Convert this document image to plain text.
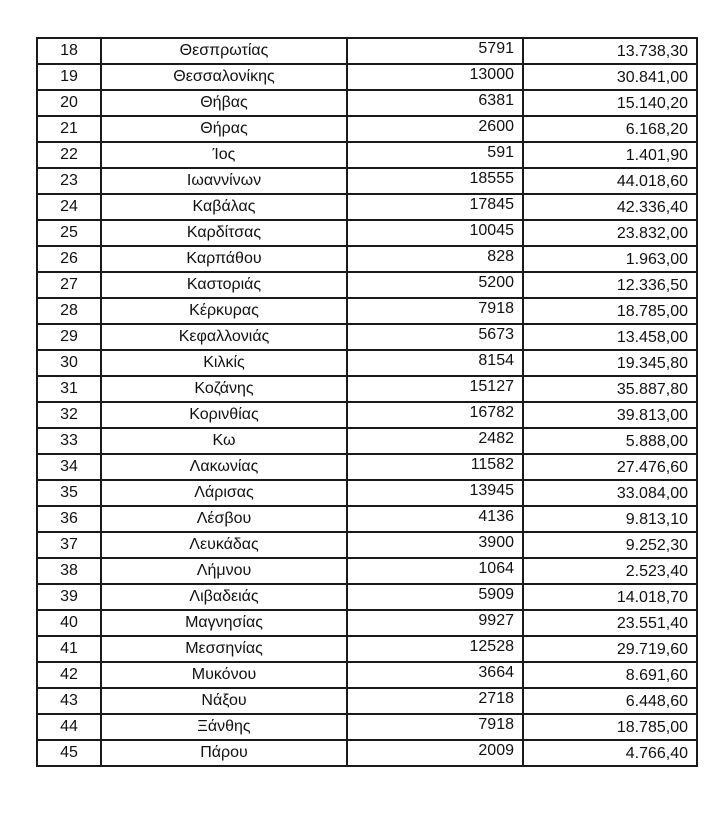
18	Θεσπρωτίας	5791	13.738,30
19	Θεσσαλονίκης	13000	30.841,00
20	Θήβας	6381	15.140,20
21	Θήρας	2600	6.168,20
22	Ίος	591	1.401,90
23	Ιωαννίνων	18555	44.018,60
24	Καβάλας	17845	42.336,40
25	Καρδίτσας	10045	23.832,00
26	Καρπάθου	828	1.963,00
27	Καστοριάς	5200	12.336,50
28	Κέρκυρας	7918	18.785,00
29	Κεφαλλονιάς	5673	13.458,00
30	Κιλκίς	8154	19.345,80
31	Κοζάνης	15127	35.887,80
32	Κορινθίας	16782	39.813,00
33	Κω	2482	5.888,00
34	Λακωνίας	11582	27.476,60
35	Λάρισας	13945	33.084,00
36	Λέσβου	4136	9.813,10
37	Λευκάδας	3900	9.252,30
38	Λήμνου	1064	2.523,40
39	Λιβαδειάς	5909	14.018,70
40	Μαγνησίας	9927	23.551,40
41	Μεσσηνίας	12528	29.719,60
42	Μυκόνου	3664	8.691,60
43	Νάξου	2718	6.448,60
44	Ξάνθης	7918	18.785,00
45	Πάρου	2009	4.766,40
